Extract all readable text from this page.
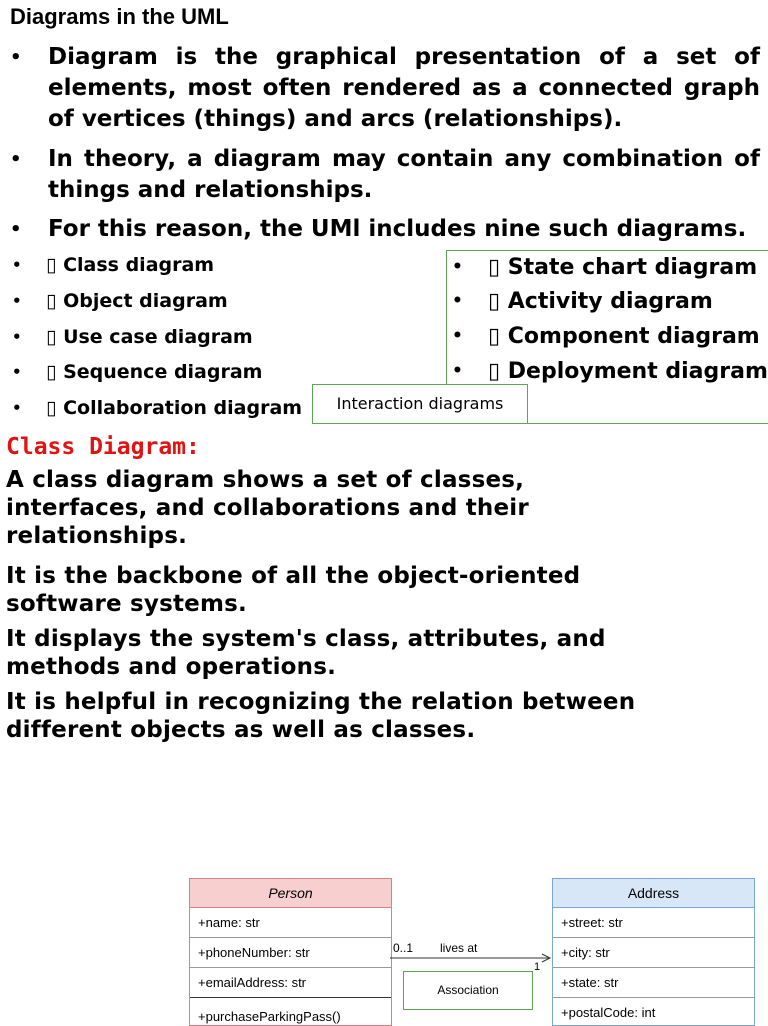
Diagrams in the UML
• Diagram is the graphical presentation of a set of elements, most often rendered as a connected graph of vertices (things) and arcs (relationships).
• In theory, a diagram may contain any combination of things and relationships.
• For this reason, the UMl includes nine such diagrams.
• ▯ State chart diagram
• ▯ Activity diagram
• ▯ Component diagram
• ▯ Deployment diagram
• ▯ Class diagram
• ▯ Object diagram
• ▯ Use case diagram
• ▯ Sequence diagram
• ▯ Collaboration diagram	Interaction diagrams
Class Diagram:
A class diagram shows a set of classes, interfaces, and collaborations and their relationships.
It is the backbone of all the object-oriented software systems.
It displays the system's class, attributes, and methods and operations.
It is helpful in recognizing the relation between different objects as well as classes.
Person
+name: str
+phoneNumber: str
+emailAddress: str
+purchaseParkingPass()
Address
+street: str
+city: str
+state: str
+postalCode: int
0..1 lives at
1
Association
